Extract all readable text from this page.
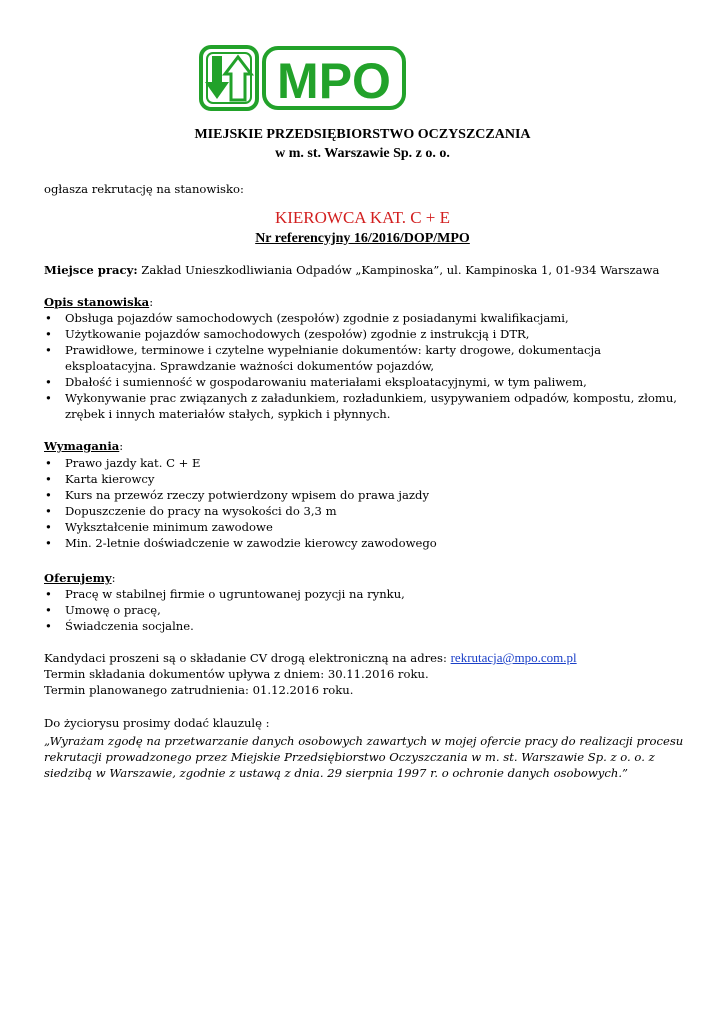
MPO
MIEJSKIE PRZEDSIĘBIORSTWO OCZYSZCZANIA
w m. st. Warszawie Sp. z o. o.
ogłasza rekrutację na stanowisko:
KIEROWCA KAT. C + E
Nr referencyjny 16/2016/DOP/MPO
Miejsce pracy: Zakład Unieszkodliwiania Odpadów „Kampinoska”, ul. Kampinoska 1, 01-934 Warszawa
Opis stanowiska:
• Obsługa pojazdów samochodowych (zespołów) zgodnie z posiadanymi kwalifikacjami,
• Użytkowanie pojazdów samochodowych (zespołów) zgodnie z instrukcją i DTR,
• Prawidłowe, terminowe i czytelne wypełnianie dokumentów: karty drogowe, dokumentacja eksploatacyjna. Sprawdzanie ważności dokumentów pojazdów,
• Dbałość i sumienność w gospodarowaniu materiałami eksploatacyjnymi, w tym paliwem,
• Wykonywanie prac związanych z załadunkiem, rozładunkiem, usypywaniem odpadów, kompostu, złomu, zrębek i innych materiałów stałych, sypkich i płynnych.
Wymagania:
• Prawo jazdy kat. C + E
• Karta kierowcy
• Kurs na przewóz rzeczy potwierdzony wpisem do prawa jazdy
• Dopuszczenie do pracy na wysokości do 3,3 m
• Wykształcenie minimum zawodowe
• Min. 2-letnie doświadczenie w zawodzie kierowcy zawodowego
Oferujemy:
• Pracę w stabilnej firmie o ugruntowanej pozycji na rynku,
• Umowę o pracę,
• Świadczenia socjalne.
Kandydaci proszeni są o składanie CV drogą elektroniczną na adres: rekrutacja@mpo.com.pl
Termin składania dokumentów upływa z dniem: 30.11.2016 roku.
Termin planowanego zatrudnienia: 01.12.2016 roku.
Do życiorysu prosimy dodać klauzulę :
„Wyrażam zgodę na przetwarzanie danych osobowych zawartych w mojej ofercie pracy do realizacji procesu rekrutacji prowadzonego przez Miejskie Przedsiębiorstwo Oczyszczania w m. st. Warszawie Sp. z o. o. z siedzibą w Warszawie, zgodnie z ustawą z dnia. 29 sierpnia 1997 r. o ochronie danych osobowych.”
